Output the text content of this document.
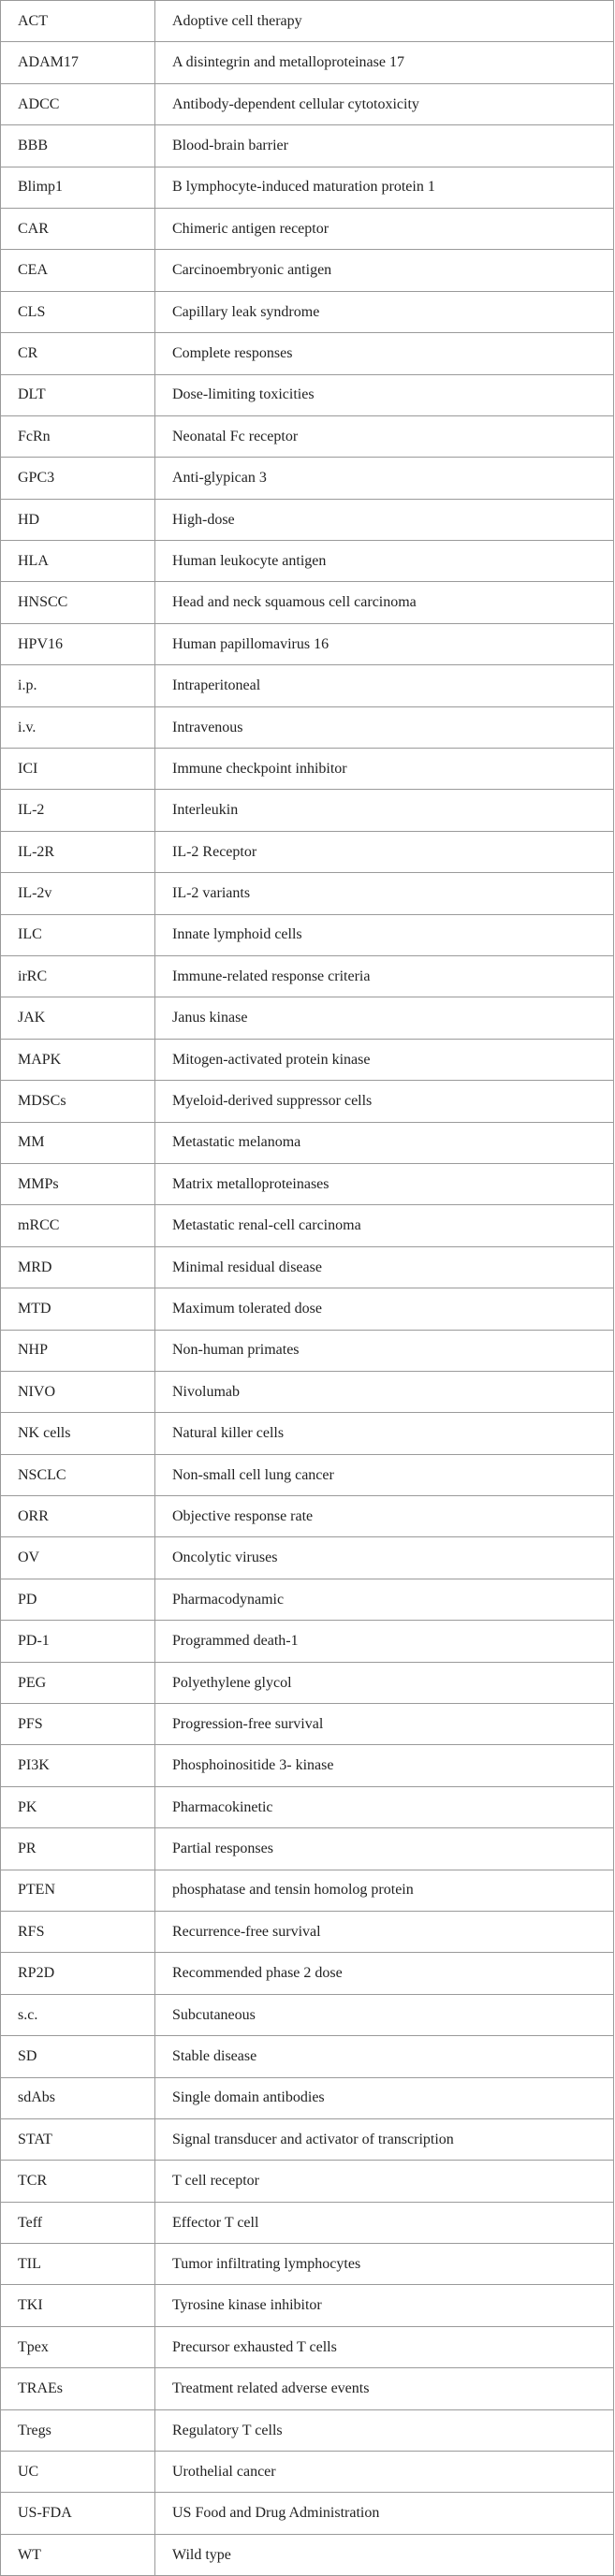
ACT	Adoptive cell therapy
ADAM17	A disintegrin and metalloproteinase 17
ADCC	Antibody-dependent cellular cytotoxicity
BBB	Blood-brain barrier
Blimp1	B lymphocyte-induced maturation protein 1
CAR	Chimeric antigen receptor
CEA	Carcinoembryonic antigen
CLS	Capillary leak syndrome
CR	Complete responses
DLT	Dose-limiting toxicities
FcRn	Neonatal Fc receptor
GPC3	Anti-glypican 3
HD	High-dose
HLA	Human leukocyte antigen
HNSCC	Head and neck squamous cell carcinoma
HPV16	Human papillomavirus 16
i.p.	Intraperitoneal
i.v.	Intravenous
ICI	Immune checkpoint inhibitor
IL-2	Interleukin
IL-2R	IL-2 Receptor
IL-2v	IL-2 variants
ILC	Innate lymphoid cells
irRC	Immune-related response criteria
JAK	Janus kinase
MAPK	Mitogen-activated protein kinase
MDSCs	Myeloid-derived suppressor cells
MM	Metastatic melanoma
MMPs	Matrix metalloproteinases
mRCC	Metastatic renal-cell carcinoma
MRD	Minimal residual disease
MTD	Maximum tolerated dose
NHP	Non-human primates
NIVO	Nivolumab
NK cells	Natural killer cells
NSCLC	Non-small cell lung cancer
ORR	Objective response rate
OV	Oncolytic viruses
PD	Pharmacodynamic
PD-1	Programmed death-1
PEG	Polyethylene glycol
PFS	Progression-free survival
PI3K	Phosphoinositide 3- kinase
PK	Pharmacokinetic
PR	Partial responses
PTEN	phosphatase and tensin homolog protein
RFS	Recurrence-free survival
RP2D	Recommended phase 2 dose
s.c.	Subcutaneous
SD	Stable disease
sdAbs	Single domain antibodies
STAT	Signal transducer and activator of transcription
TCR	T cell receptor
Teff	Effector T cell
TIL	Tumor infiltrating lymphocytes
TKI	Tyrosine kinase inhibitor
Tpex	Precursor exhausted T cells
TRAEs	Treatment related adverse events
Tregs	Regulatory T cells
UC	Urothelial cancer
US-FDA	US Food and Drug Administration
WT	Wild type
